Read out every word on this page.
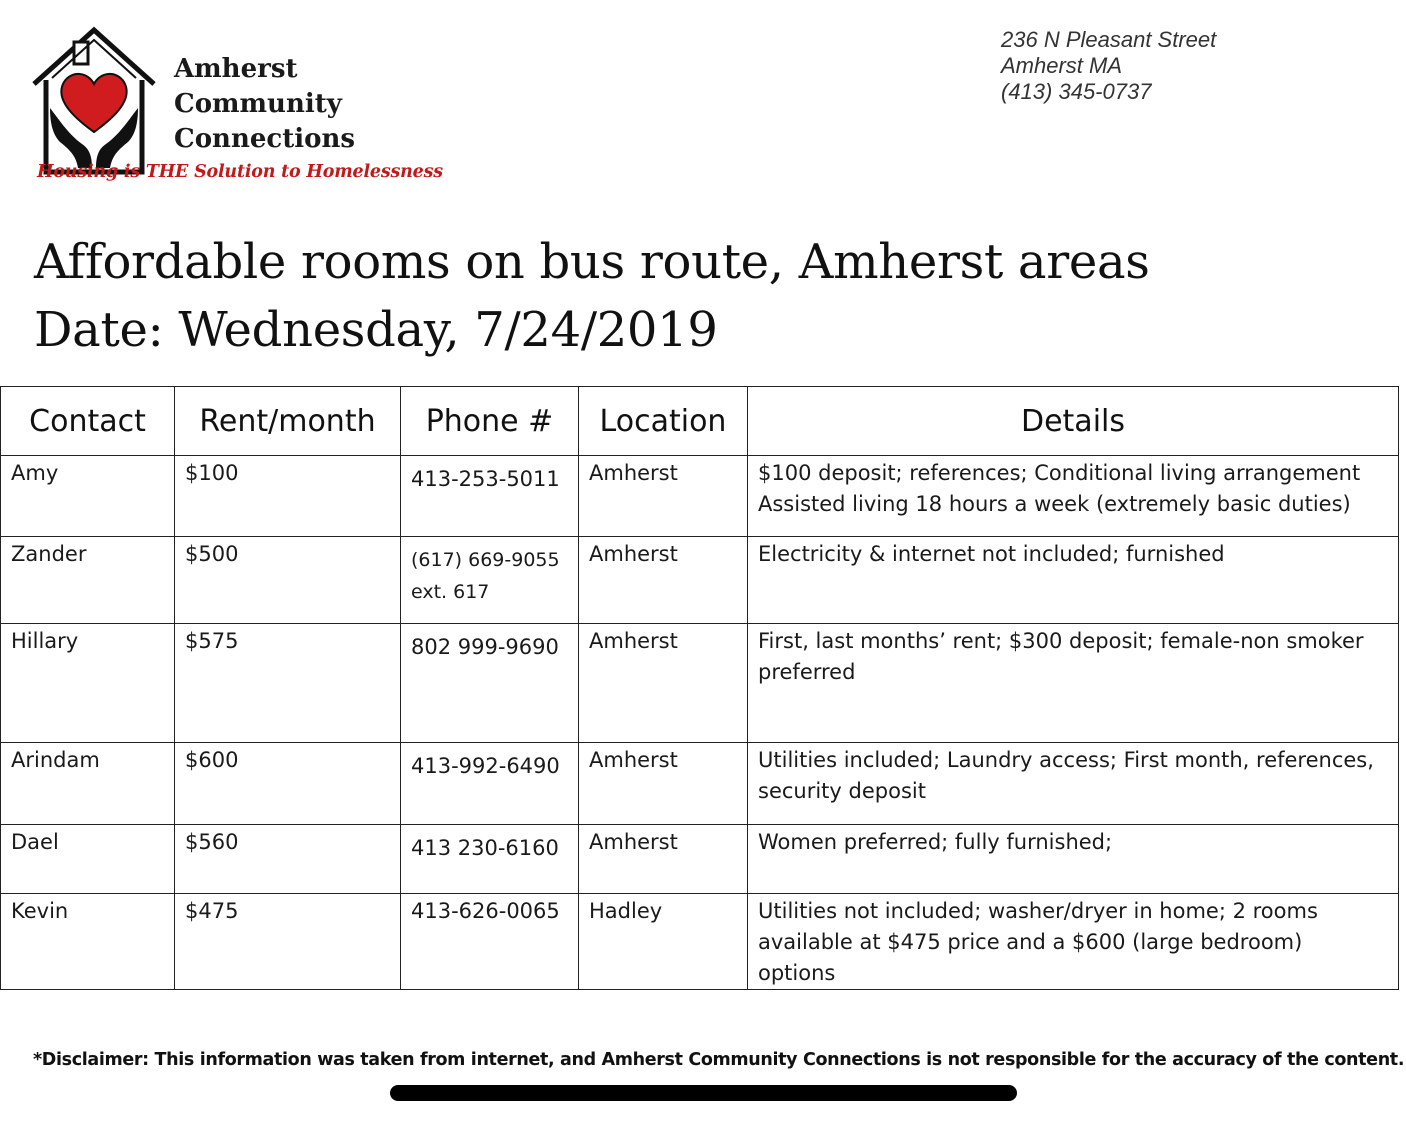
Amherst
Community
Connections
Housing is THE Solution to Homelessness
236 N Pleasant Street
Amherst MA
(413) 345-0737
Affordable rooms on bus route, Amherst areas
Date: Wednesday, 7/24/2019
Contact	Rent/month	Phone #	Location	Details
Amy	$100	413-253-5011	Amherst	$100 deposit; references; Conditional living arrangement
Assisted living 18 hours a week (extremely basic duties)

Zander	$500	(617) 669-9055
ext. 617	Amherst	Electricity & internet not included; furnished

Hillary	$575	802 999-9690	Amherst	First, last months’ rent; $300 deposit; female-non smoker
preferred

Arindam	$600	413-992-6490	Amherst	Utilities included; Laundry access; First month, references,
security deposit

Dael	$560	413 230-6160	Amherst	Women preferred; fully furnished;

Kevin	$475	413-626-0065	Hadley	Utilities not included; washer/dryer in home; 2 rooms
available at $475 price and a $600 (large bedroom)
options
*Disclaimer: This information was taken from internet, and Amherst Community Connections is not responsible for the accuracy of the content.
